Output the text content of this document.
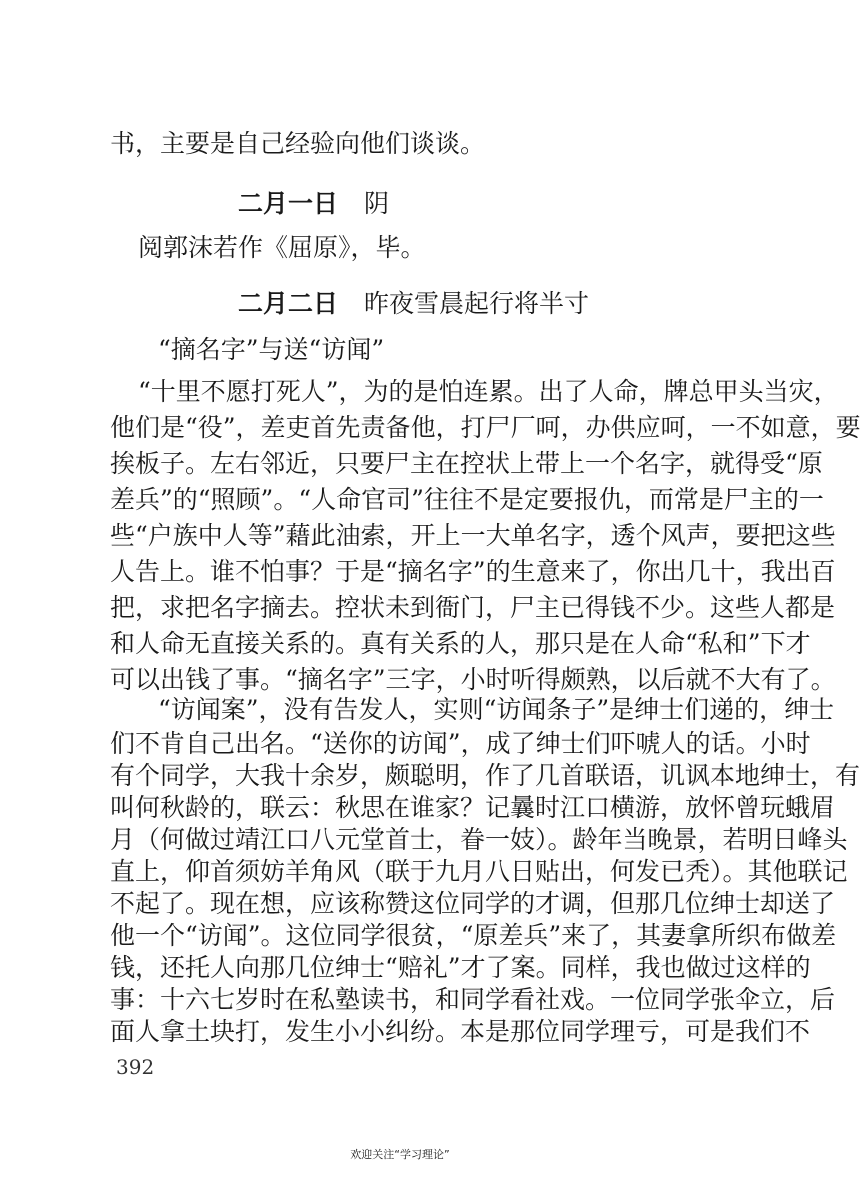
书，主要是自己经验向他们谈谈。
二月一日 阴
阅郭沫若作《屈原》，毕。
二月二日 昨夜雪晨起行将半寸
“摘名字”与送“访闻”
“十里不愿打死人”，为的是怕连累。出了人命，牌总甲头当灾，
他们是“役”，差吏首先责备他，打尸厂呵，办供应呵，一不如意，要
挨板子。左右邻近，只要尸主在控状上带上一个名字，就得受“原
差兵”的“照顾”。“人命官司”往往不是定要报仇，而常是尸主的一
些“户族中人等”藉此油索，开上一大单名字，透个风声，要把这些
人告上。谁不怕事？于是“摘名字”的生意来了，你出几十，我出百
把，求把名字摘去。控状未到衙门，尸主已得钱不少。这些人都是
和人命无直接关系的。真有关系的人，那只是在人命“私和”下才
可以出钱了事。“摘名字”三字，小时听得颇熟，以后就不大有了。
“访闻案”，没有告发人，实则“访闻条子”是绅士们递的，绅士
们不肯自己出名。“送你的访闻”，成了绅士们吓唬人的话。小时
有个同学，大我十余岁，颇聪明，作了几首联语，讥讽本地绅士，有
叫何秋龄的，联云：秋思在谁家？记曩时江口横游，放怀曾玩蛾眉
月（何做过靖江口八元堂首士，眷一妓）。龄年当晚景，若明日峰头
直上，仰首须妨羊角风（联于九月八日贴出，何发已秃）。其他联记
不起了。现在想，应该称赞这位同学的才调，但那几位绅士却送了
他一个“访闻”。这位同学很贫，“原差兵”来了，其妻拿所织布做差
钱，还托人向那几位绅士“赔礼”才了案。同样，我也做过这样的
事：十六七岁时在私塾读书，和同学看社戏。一位同学张伞立，后
392
欢迎关注“学习理论”
面人拿土块打，发生小小纠纷。本是那位同学理亏，可是我们不
